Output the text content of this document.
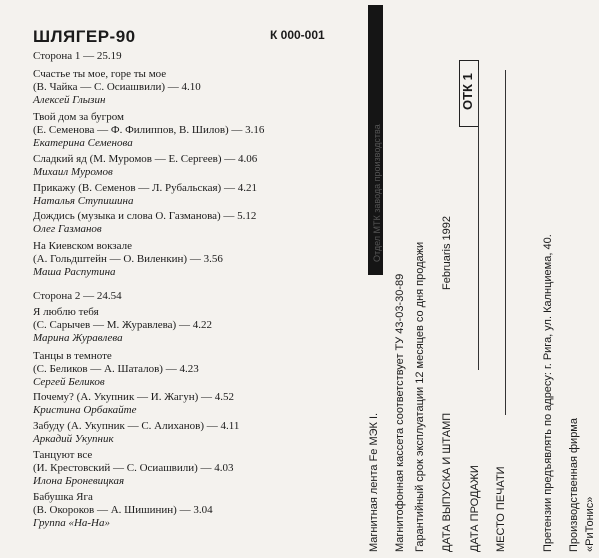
ШЛЯГЕР-90	К 000-001
Сторона 1 — 25.19
Счастье ты мое, горе ты мое
(В. Чайка — С. Осиашвили) — 4.10
Алексей Глызин
Твой дом за бугром
(Е. Семенова — Ф. Филиппов, В. Шилов) — 3.16
Екатерина Семенова
Сладкий яд (М. Муромов — Е. Сергеев) — 4.06
Михаил Муромов
Прикажу (В. Семенов — Л. Рубальская) — 4.21
Наталья Ступишина
Дождись (музыка и слова О. Газманова) — 5.12
Олег Газманов
На Киевском вокзале
(А. Гольдштейн — О. Виленкин) — 3.56
Маша Распутина
Сторона 2 — 24.54
Я люблю тебя
(С. Сарычев — М. Журавлева) — 4.22
Марина Журавлева
Танцы в темноте
(С. Беликов — А. Шаталов) — 4.23
Сергей Беликов
Почему? (А. Укупник — И. Жагун) — 4.52
Кристина Орбакайте
Забуду (А. Укупник — С. Алиханов) — 4.11
Аркадий Укупник
Танцуют все
(И. Крестовский — С. Осиашвили) — 4.03
Илона Броневицкая
Бабушка Яга
(В. Окороков — А. Шишинин) — 3.04
Группа «На-На»
Отдел МТК завода производства
Магнитная лента Fe МЭК I. Магнитофонная кассета соответствует ТУ 43-03-30-89 Гарантийный срок эксплуатации 12 месяцев со дня продажи ДАТА ВЫПУСКА И ШТАМП
Februaris 1992
ОТК 1
ДАТА ПРОДАЖИ МЕСТО ПЕЧАТИ	Претензии предъявлять по адресу: г. Рига, ул. Калнциема, 40. Производственная фирма «РиТонис»
